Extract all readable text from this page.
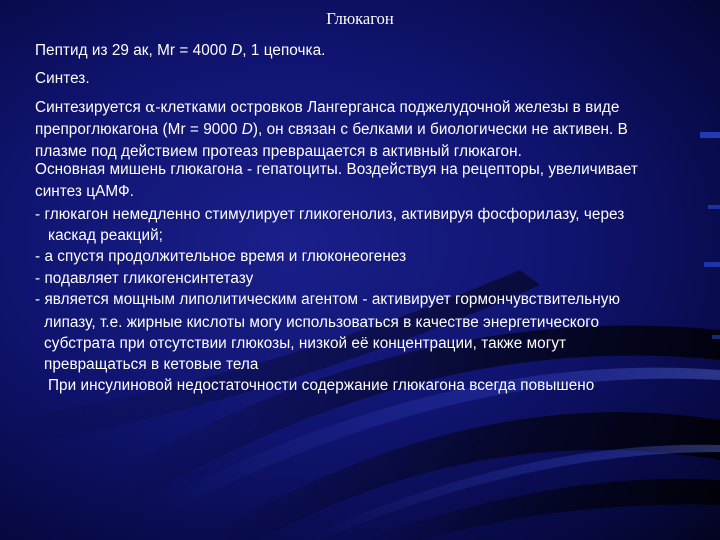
Глюкагон

Пептид из 29 ак, Mr = 4000 D, 1 цепочка.

Синтез.

Синтезируется α-клетками островков Лангерганса поджелудочной железы в виде

препроглюкагона (Mr = 9000 D), он связан с белками и биологически не активен. В

плазме под действием протеаз превращается в активный глюкагон.

Основная мишень глюкагона - гепатоциты. Воздействуя на рецепторы, увеличивает

синтез цАМФ.

- глюкагон немедленно стимулирует гликогенолиз, активируя фосфорилазу, через

каскад реакций;

- а спустя продолжительное время и глюконеогенез

- подавляет гликогенсинтетазу

- является мощным липолитическим агентом - активирует гормончувствительную

липазу, т.е. жирные кислоты могу использоваться в качестве энергетического

субстрата при отсутствии глюкозы, низкой её концентрации, также могут

превращаться в кетовые тела

При инсулиновой недостаточности содержание глюкагона всегда повышено
